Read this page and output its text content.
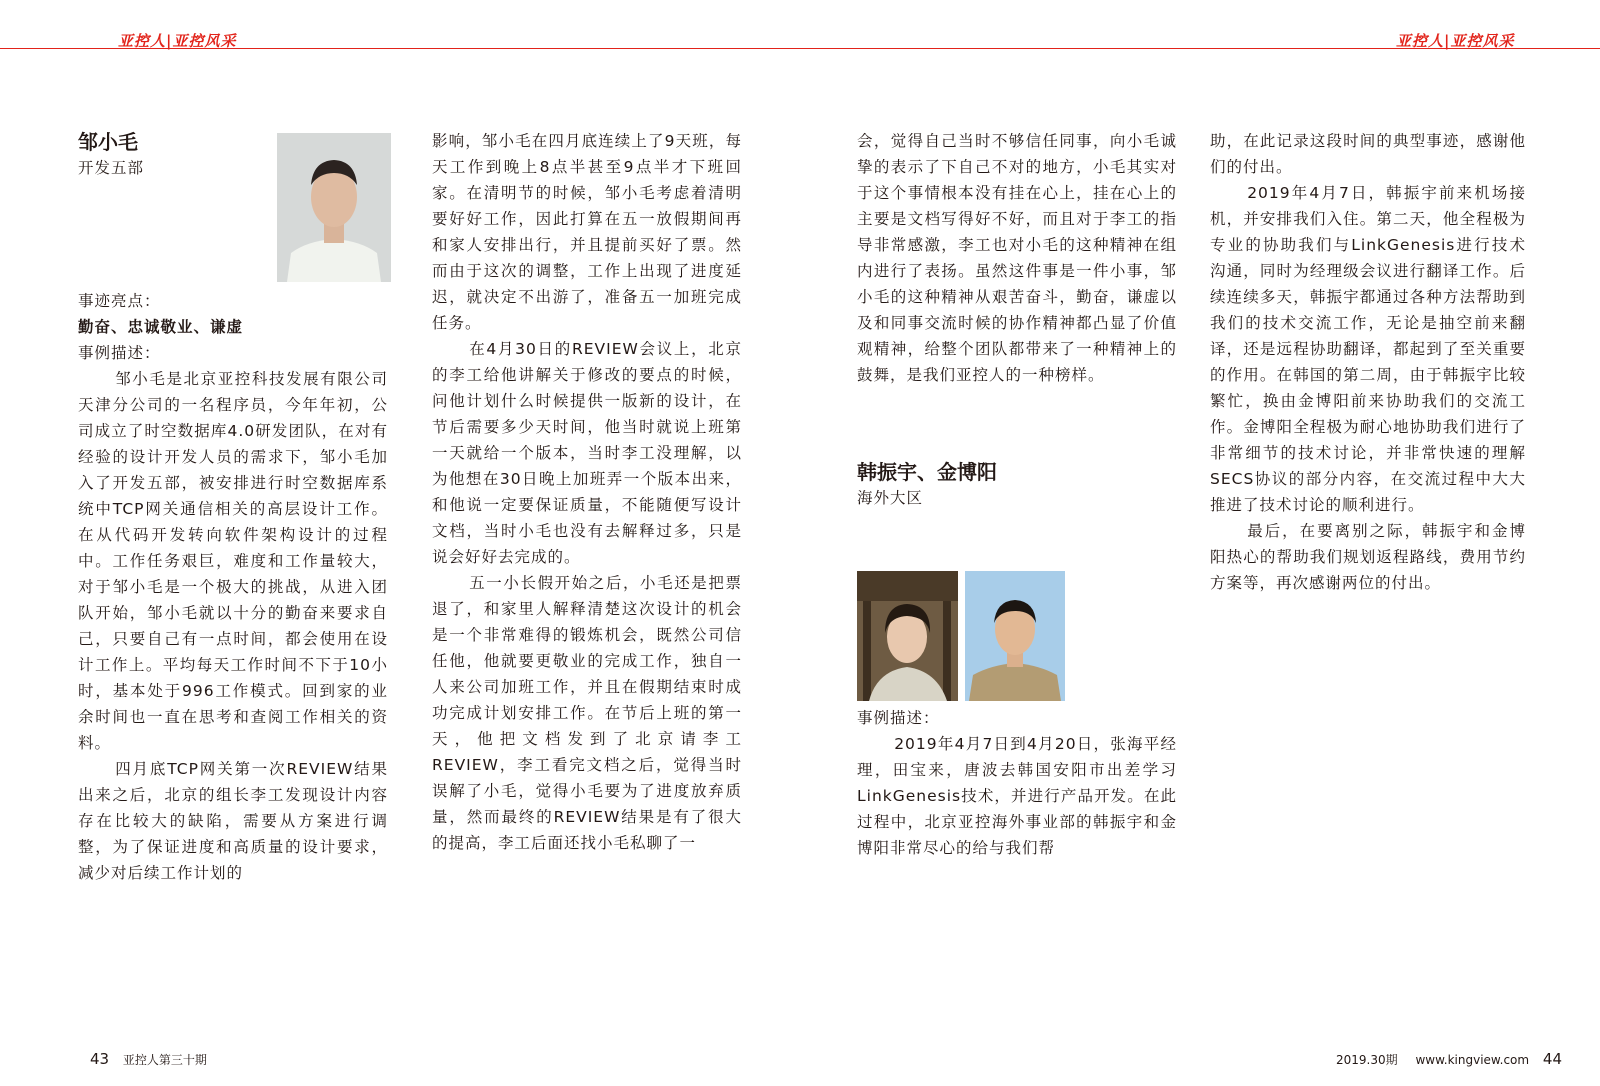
亚控人|亚控风采	亚控人|亚控风采
邹小毛
开发五部
事迹亮点：
勤奋、忠诚敬业、谦虚
事例描述：

邹小毛是北京亚控科技发展有限公司天津分公司的一名程序员，今年年初，公司成立了时空数据库4.0研发团队，在对有经验的设计开发人员的需求下，邹小毛加入了开发五部，被安排进行时空数据库系统中TCP网关通信相关的高层设计工作。在从代码开发转向软件架构设计的过程中。工作任务艰巨，难度和工作量较大，对于邹小毛是一个极大的挑战，从进入团队开始，邹小毛就以十分的勤奋来要求自己，只要自己有一点时间，都会使用在设计工作上。平均每天工作时间不下于10小时，基本处于996工作模式。回到家的业余时间也一直在思考和查阅工作相关的资料。

四月底TCP网关第一次REVIEW结果出来之后，北京的组长李工发现设计内容存在比较大的缺陷，需要从方案进行调整，为了保证进度和高质量的设计要求，减少对后续工作计划的

影响，邹小毛在四月底连续上了9天班，每天工作到晚上8点半甚至9点半才下班回家。在清明节的时候，邹小毛考虑着清明要好好工作，因此打算在五一放假期间再和家人安排出行，并且提前买好了票。然而由于这次的调整，工作上出现了进度延迟，就决定不出游了，准备五一加班完成任务。

在4月30日的REVIEW会议上，北京的李工给他讲解关于修改的要点的时候，问他计划什么时候提供一版新的设计，在节后需要多少天时间，他当时就说上班第一天就给一个版本，当时李工没理解，以为他想在30日晚上加班弄一个版本出来，和他说一定要保证质量，不能随便写设计文档，当时小毛也没有去解释过多，只是说会好好去完成的。

五一小长假开始之后，小毛还是把票退了，和家里人解释清楚这次设计的机会是一个非常难得的锻炼机会，既然公司信任他，他就要更敬业的完成工作，独自一人来公司加班工作，并且在假期结束时成功完成计划安排工作。在节后上班的第一天，他把文档发到了北京请李工REVIEW，李工看完文档之后，觉得当时误解了小毛，觉得小毛要为了进度放弃质量，然而最终的REVIEW结果是有了很大的提高，李工后面还找小毛私聊了一

会，觉得自己当时不够信任同事，向小毛诚挚的表示了下自己不对的地方，小毛其实对于这个事情根本没有挂在心上，挂在心上的主要是文档写得好不好，而且对于李工的指导非常感激，李工也对小毛的这种精神在组内进行了表扬。虽然这件事是一件小事，邹小毛的这种精神从艰苦奋斗，勤奋，谦虚以及和同事交流时候的协作精神都凸显了价值观精神，给整个团队都带来了一种精神上的鼓舞，是我们亚控人的一种榜样。

韩振宇、金博阳
海外大区
事例描述：

2019年4月7日到4月20日，张海平经理，田宝来，唐波去韩国安阳市出差学习LinkGenesis技术，并进行产品开发。在此过程中，北京亚控海外事业部的韩振宇和金博阳非常尽心的给与我们帮

助，在此记录这段时间的典型事迹，感谢他们的付出。

2019年4月7日，韩振宇前来机场接机，并安排我们入住。第二天，他全程极为专业的协助我们与LinkGenesis进行技术沟通，同时为经理级会议进行翻译工作。后续连续多天，韩振宇都通过各种方法帮助到我们的技术交流工作，无论是抽空前来翻译，还是远程协助翻译，都起到了至关重要的作用。在韩国的第二周，由于韩振宇比较繁忙，换由金博阳前来协助我们的交流工作。金博阳全程极为耐心地协助我们进行了非常细节的技术讨论，并非常快速的理解SECS协议的部分内容，在交流过程中大大推进了技术讨论的顺利进行。

最后，在要离别之际，韩振宇和金博阳热心的帮助我们规划返程路线，费用节约方案等，再次感谢两位的付出。

43 亚控人第三十期	2019.30期 www.kingview.com 44
